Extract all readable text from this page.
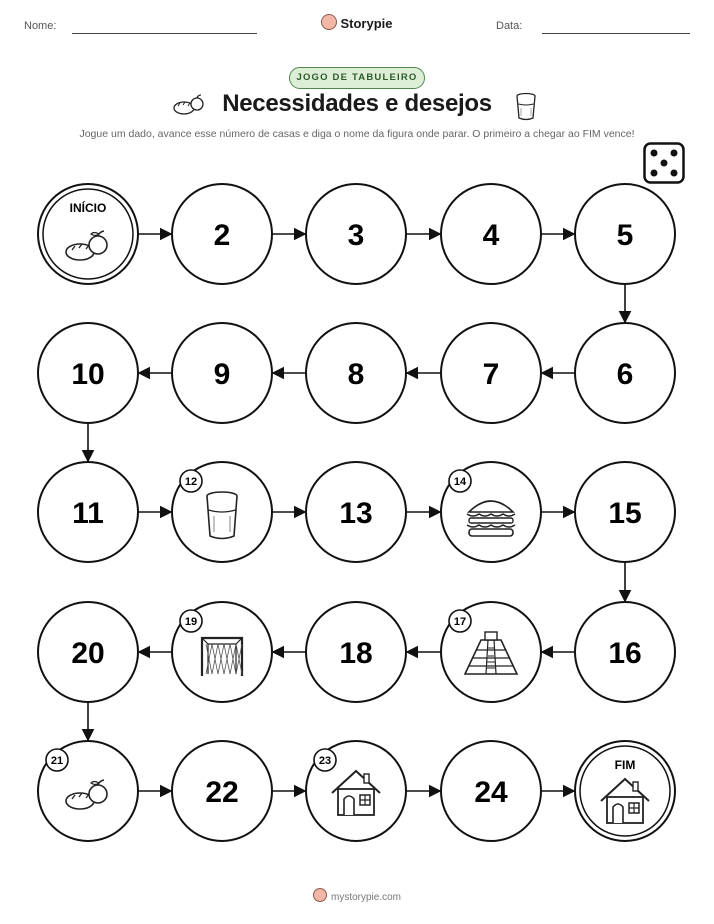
Nome:	Storypie	Data:
JOGO DE TABULEIRO
Necessidades e desejos
Jogue um dado, avance esse número de casas e diga o nome da figura onde parar. O primeiro a chegar ao FIM vence!
INÍCIO
2	3	4	5
6
7
8
9
10
11
12
13
14
15
16
17
18
19
20
21
22
23
24
FIM
mystorypie.com
